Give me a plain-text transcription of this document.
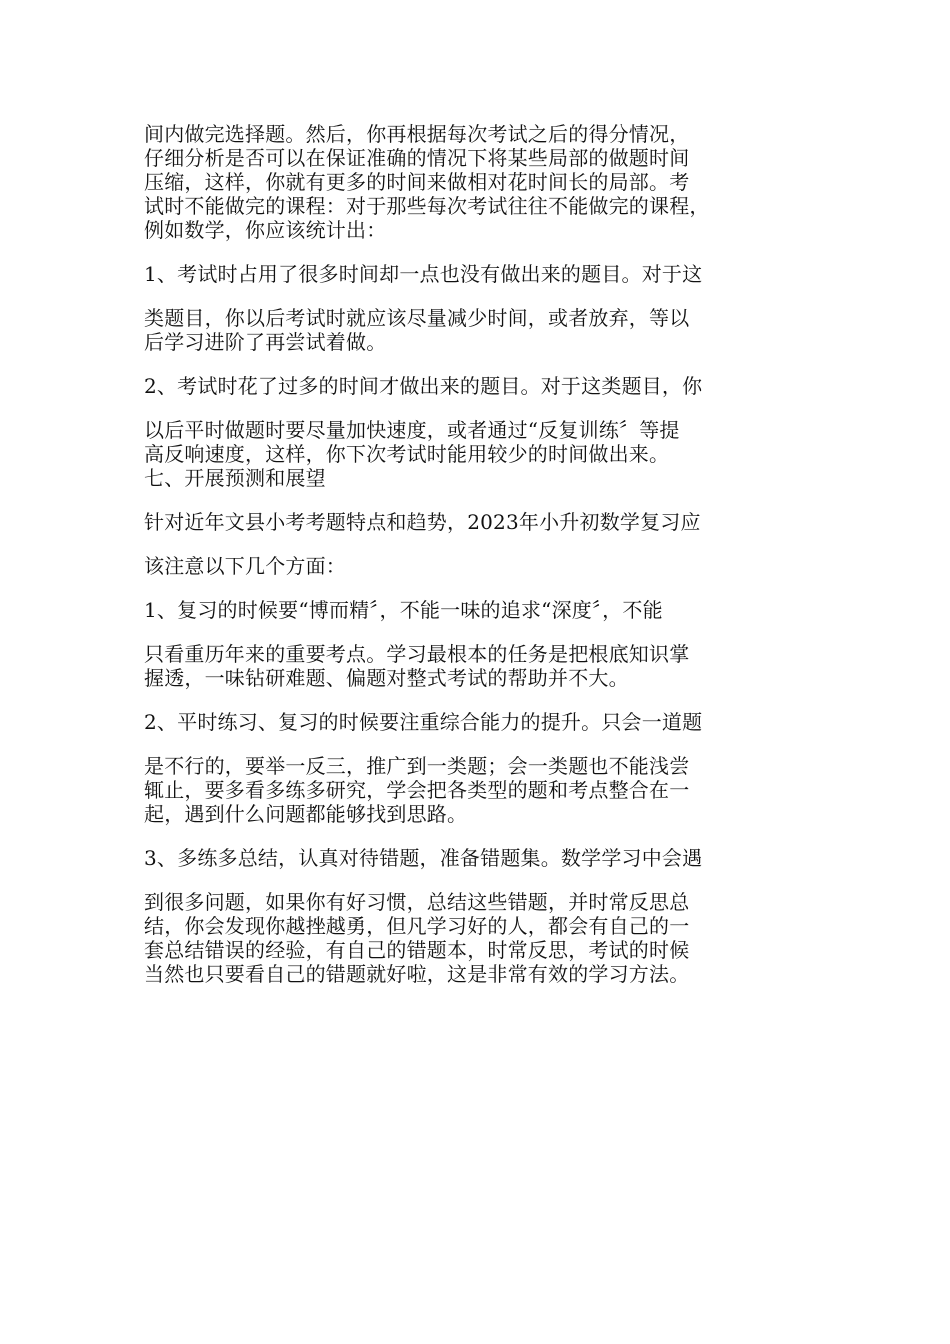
间内做完选择题。然后，你再根据每次考试之后的得分情况，
仔细分析是否可以在保证准确的情况下将某些局部的做题时间
压缩，这样，你就有更多的时间来做相对花时间长的局部。考
试时不能做完的课程：对于那些每次考试往往不能做完的课程，
例如数学，你应该统计出：
1、考试时占用了很多时间却一点也没有做出来的题目。对于这
类题目，你以后考试时就应该尽量减少时间，或者放弃，等以
后学习进阶了再尝试着做。
2、考试时花了过多的时间才做出来的题目。对于这类题目，你
以后平时做题时要尽量加快速度，或者通过“反复训练〞等提
高反响速度，这样，你下次考试时能用较少的时间做出来。
七、开展预测和展望
针对近年文县小考考题特点和趋势，2023年小升初数学复习应
该注意以下几个方面：
1、复习的时候要“博而精〞，不能一味的追求“深度〞，不能
只看重历年来的重要考点。学习最根本的任务是把根底知识掌
握透，一味钻研难题、偏题对整式考试的帮助并不大。
2、平时练习、复习的时候要注重综合能力的提升。只会一道题
是不行的，要举一反三，推广到一类题；会一类题也不能浅尝
辄止，要多看多练多研究，学会把各类型的题和考点整合在一
起，遇到什么问题都能够找到思路。
3、多练多总结，认真对待错题，准备错题集。数学学习中会遇
到很多问题，如果你有好习惯，总结这些错题，并时常反思总
结，你会发现你越挫越勇，但凡学习好的人，都会有自己的一
套总结错误的经验，有自己的错题本，时常反思，考试的时候
当然也只要看自己的错题就好啦，这是非常有效的学习方法。
